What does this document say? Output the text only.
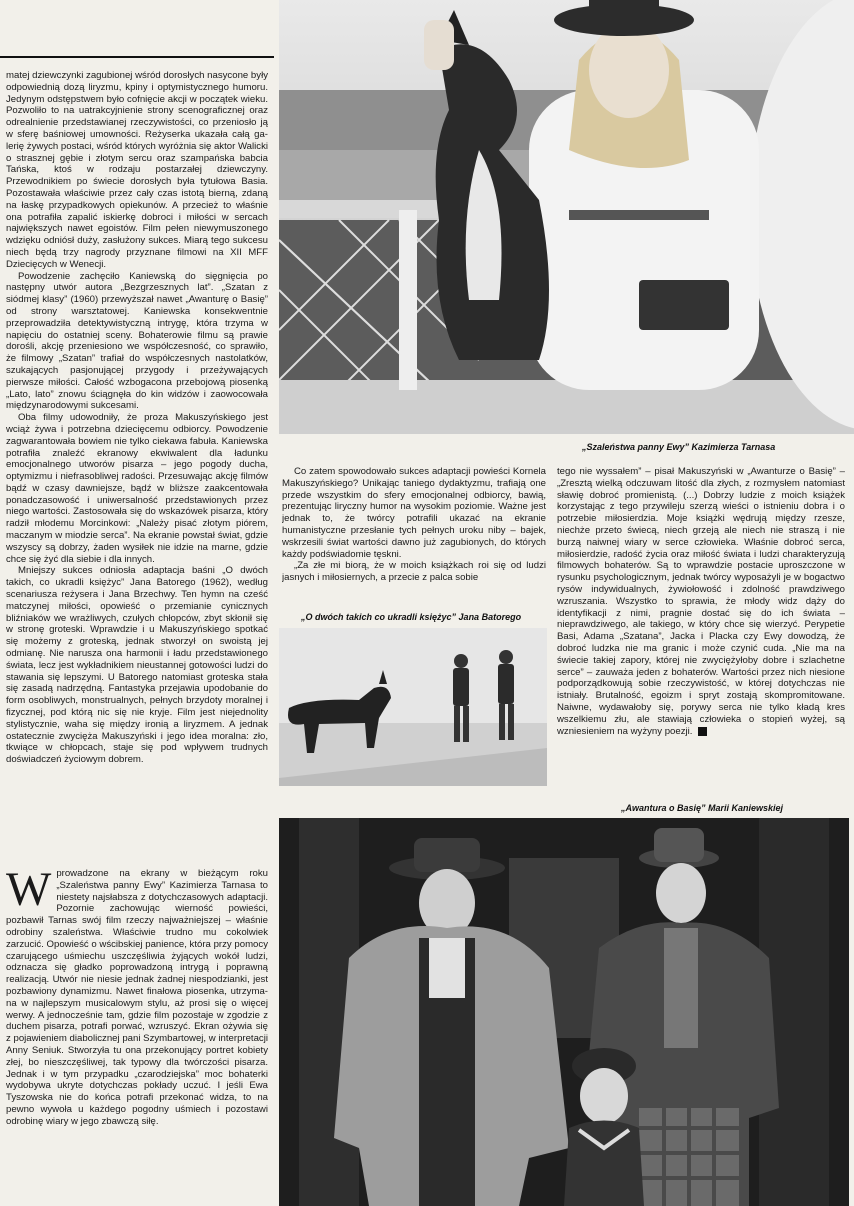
matej dziewczynki zagubionej wśród dorosłych nasycone były odpowiednią dozą liryzmu, kpiny i optymistycznego humoru. Jedynym odstępstwem było cofnięcie akcji w początek wieku. Pozwoliło to na uatrakcyjnienie strony scenograficznej oraz odrealnienie przedstawianej rzeczywistości, co przeniosło ją w sferę baśniowej umowności. Reżyserka ukazała całą galerię żywych postaci, wśród których wyróżnia się aktor Walicki o strasznej gębie i złotym sercu oraz szampańska babcia Tańska, ktoś w rodzaju postarzałej dziewczyny. Przewodnikiem po świecie dorosłych była tytułowa Basia. Pozostawała właściwie przez cały czas istotą bierną, zdaną na łaskę przypadkowych opiekunów. A przecież to właśnie ona potrafiła zapalić iskierkę dobroci i miłości w sercach największych nawet egoistów. Film pełen niewymuszonego wdzięku odniósł duży, zasłużony sukces. Miarą tego sukcesu niech będą trzy nagrody przyznane filmowi na XII MFF Dziecięcych w Wenecji.

Powodzenie zachęciło Kaniewską do sięgnięcia po następny utwór autora „Bezgrzesznych lat”. „Szatan z siódmej klasy” (1960) przewyższał nawet „Awanturę o Basię” od strony warsztatowej. Kaniewska konsekwentnie przeprowadziła detektywistyczną intrygę, która trzyma w napięciu do ostatniej sceny. Bohaterowie filmu są prawie dorośli, akcję przeniesiono we współczesność, co sprawiło, że filmowy „Szatan” trafiał do współczesnych nastolatków, szukających pasjonującej przygody i przeżywających pierwsze miłości. Całość wzbogacona przebojową piosenką „Lato, lato” znowu ściągnęła do kin widzów i zaowocowała międzynarodowymi sukcesami.

Oba filmy udowodniły, że proza Makuszyńskiego jest wciąż żywa i potrzebna dziecięcemu odbiorcy. Powodzenie zagwarantowała bowiem nie tylko ciekawa fabuła. Kaniewska potrafiła znaleźć ekranowy ekwiwalent dla ładunku emocjonalnego utworów pisarza – jego pogody ducha, optymizmu i niefrasobliwej radości. Przesuwając akcję filmów bądź w czasy dawniejsze, bądź w bliższe zaakcentowała ponadczasowość i uniwersalność przedstawionych przez niego wartości. Zastosowała się do wskazówek pisarza, który radził młodemu Morcinkowi: „Należy pisać złotym piórem, maczanym w miodzie serca”. Na ekranie powstał świat, gdzie wszyscy są dobrzy, żaden wysiłek nie idzie na marne, gdzie chce się żyć dla siebie i dla innych.

Mniejszy sukces odniosła adaptacja baśni „O dwóch takich, co ukradli księżyc” Jana Batorego (1962), według scenariusza reżysera i Jana Brzechwy. Ten hymn na cześć matczynej miłości, opowieść o przemianie cynicznych bliźniaków we wrażliwych, czułych chłopców, zbyt skłonił się w stronę groteski. Wprawdzie i u Makuszyńskiego spotkać się możemy z groteską, jednak stworzył on swoistą jej odmianę. Nie narusza ona harmonii i ładu przedstawionego świata, lecz jest wykładnikiem nieustannej gotowości ludzi do stawania się lepszymi. U Batorego natomiast groteska stała się zasadą nadrzędną. Fantastyka przejawia upodobanie do form osobliwych, monstrualnych, pełnych brzydoty moralnej i fizycznej, pod którą nic się nie kryje. Film jest niejednolity stylistycznie, waha się między ironią a liryzmem. A jednak ostatecznie zwycięża Makuszyński i jego idea moralna: zło, tkwiące w chłopcach, staje się pod wpływem trudnych doświadczeń życiowym dobrem.

W prowadzone na ekrany w bieżącym roku „Szaleństwa panny Ewy” Kazimierza Tarnasa to niestety najsłabsza z dotychczasowych adaptacji. Pozornie zachowując wierność powieści, pozbawił Tarnas swój film rzeczy najważniejszej – właśnie odrobiny szaleństwa. Właściwie trudno mu cokolwiek zarzucić. Opowieść o wścibskiej panience, która przy pomocy czarującego uśmiechu uszczęśliwia żyjących wokół ludzi, odznacza się gładko poprowadzoną intrygą i poprawną realizacją. Utwór nie niesie jednak żadnej niespodzianki, jest pozbawiony dynamizmu. Nawet finałowa piosenka, utrzymana w najlepszym musicalowym stylu, aż prosi się o więcej werwy. A jednocześnie tam, gdzie film pozostaje w zgodzie z duchem pisarza, potrafi porwać, wzruszyć. Ekran ożywia się z pojawieniem diabolicznej pani Szymbartowej, w interpretacji Anny Seniuk. Stworzyła tu ona przekonujący portret kobiety złej, bo nieszczęśliwej, tak typowy dla twórczości pisarza. Jednak i w tym przypadku „czarodziejska” moc bohaterki wydobywa ukryte dotychczas pokłady uczuć. I jeśli Ewa Tyszowska nie do końca potrafi przekonać widza, to na pewno wywoła u każdego pogodny uśmiech i pozostawi odrobinę wiary w jego zbawczą siłę.
„Szaleństwa panny Ewy” Kazimierza Tarnasa

Co zatem spowodowało sukces adaptacji powieści Kornela Makuszyńskiego? Unikając taniego dydaktyzmu, trafiają one przede wszystkim do sfery emocjonalnej odbiorcy, bawią, prezentując liryczny humor na wysokim poziomie. Ważne jest jednak to, że twórcy potrafili ukazać na ekranie humanistyczne przesłanie tych pełnych uroku niby – bajek, wskrzesili świat wartości dawno już zagubionych, do których każdy podświadomie tęskni.

„Za złe mi biorą, że w moich książkach roi się od ludzi jasnych i miłosiernych, a przecie z palca sobie

„O dwóch takich co ukradli księżyc” Jana Batorego

tego nie wyssałem” – pisał Makuszyński w „Awanturze o Basię” – „Zresztą wielką odczuwam litość dla złych, z rozmysłem natomiast sławię dobroć promienistą. (...) Dobrzy ludzie z moich książek korzystając z tego przywileju szerzą wieści o istnieniu dobra i o potrzebie miłosierdzia. Moje książki wędrują między rzesze, niechże przeto świecą, niech grzeją ale niech nie straszą i nie burzą naiwnej wiary w serce człowieka. Właśnie dobroć serca, miłosierdzie, radość życia oraz miłość świata i ludzi charakteryzują filmowych bohaterów. Są to wprawdzie postacie uproszczone w rysunku psychologicznym, jednak twórcy wyposażyli je w bogactwo rysów indywidualnych, żywiołowość i zdolność prawdziwego wzruszania. Wszystko to sprawia, że młody widz dąży do identyfikacji z nimi, pragnie dostać się do ich świata – nieprawdziwego, ale takiego, w który chce się wierzyć. Perypetie Basi, Adama „Szatana”, Jacka i Placka czy Ewy dowodzą, że dobroć ludzka nie ma granic i może czynić cuda. „Nie ma na świecie takiej zapory, której nie zwyciężyłoby dobre i szlachetne serce” – zauważa jeden z bohaterów. Wartości przez nich niesione podporządkowują sobie rzeczywistość, w której dotychczas nie istniały. Brutalność, egoizm i spryt zostają skompromitowane. Naiwne, wydawałoby się, porywy serca nie tylko kładą kres wszelkiemu złu, ale stawiają człowieka o stopień wyżej, są wzniesieniem na wyżyny poezji.

„Awantura o Basię” Marii Kaniewskiej
